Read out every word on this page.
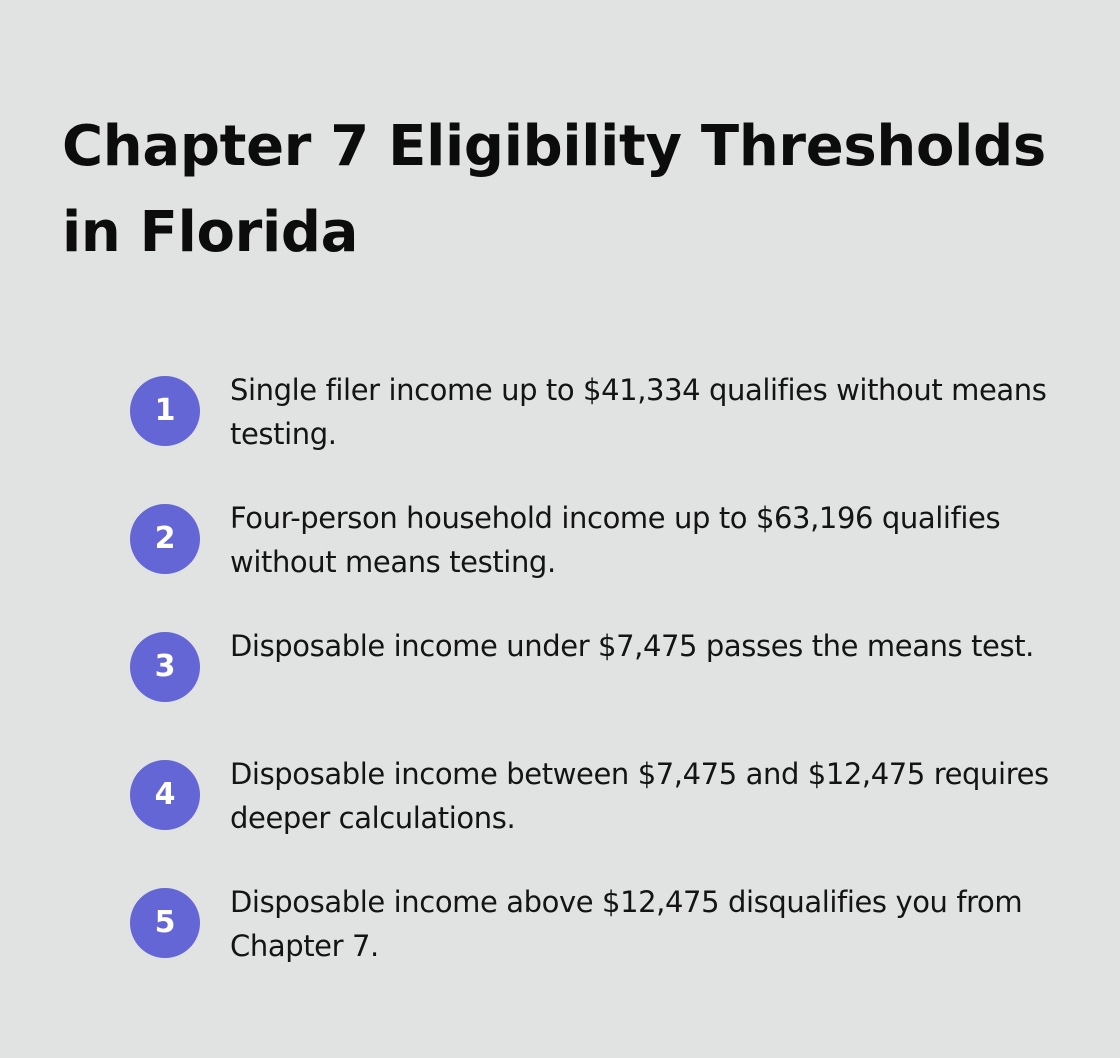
Chapter 7 Eligibility Thresholds in Florida
1
Single filer income up to $41,334 qualifies without means testing.
2
Four-person household income up to $63,196 qualifies without means testing.
3
Disposable income under $7,475 passes the means test.
4
Disposable income between $7,475 and $12,475 requires deeper calculations.
5
Disposable income above $12,475 disqualifies you from Chapter 7.
